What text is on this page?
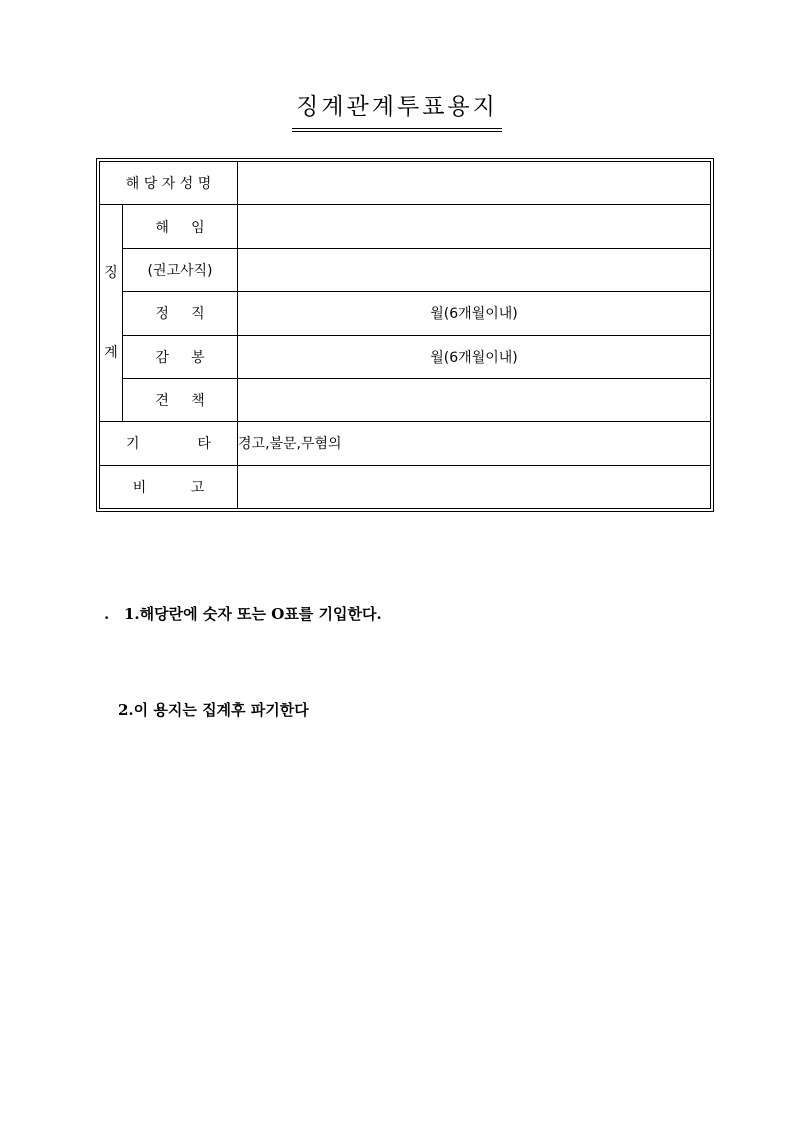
징계관계투표용지
해 당 자 성 명		

징
계	해     임	
	(권고사직)	
	정     직	월(6개월이내)
	감     봉	월(6개월이내)
	견     책	
기             타		경고,불문,무혐의
비          고		

. 1.해당란에 숫자 또는 O표를 기입한다.

2.이 용지는 집계후 파기한다
